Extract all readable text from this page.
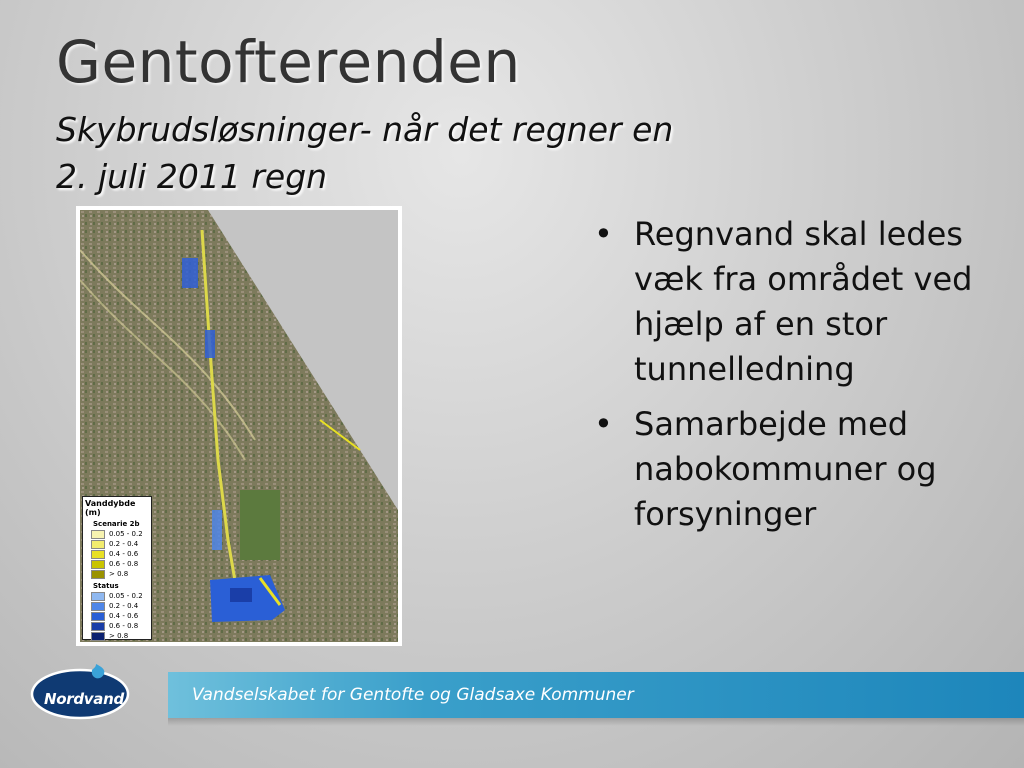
Gentofterenden
Skybrudsløsninger- når det regner en
2. juli 2011 regn
Vanddybde (m)
Scenarie 2b
0.05 - 0.2
0.2 - 0.4
0.4 - 0.6
0.6 - 0.8
> 0.8
Status
0.05 - 0.2
0.2 - 0.4
0.4 - 0.6
0.6 - 0.8
> 0.8
• Regnvand skal ledes væk fra området ved hjælp af en stor tunnelledning
• Samarbejde med nabokommuner og forsyninger
Vandselskabet for Gentofte og Gladsaxe Kommuner
Nordvand
